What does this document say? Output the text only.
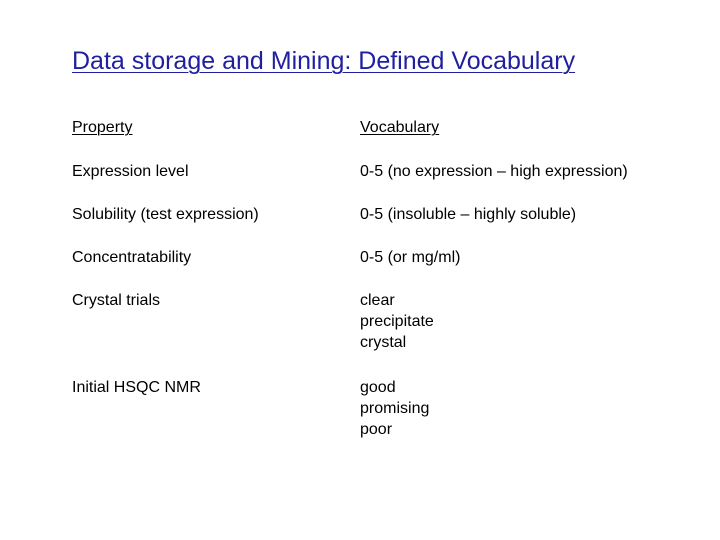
Data storage and Mining: Defined Vocabulary
Property	Vocabulary
Expression level	0-5 (no expression – high expression)
Solubility (test expression)	0-5 (insoluble – highly soluble)
Concentratability	0-5 (or mg/ml)
Crystal trials	clear
precipitate
crystal
Initial HSQC NMR	good
promising
poor
